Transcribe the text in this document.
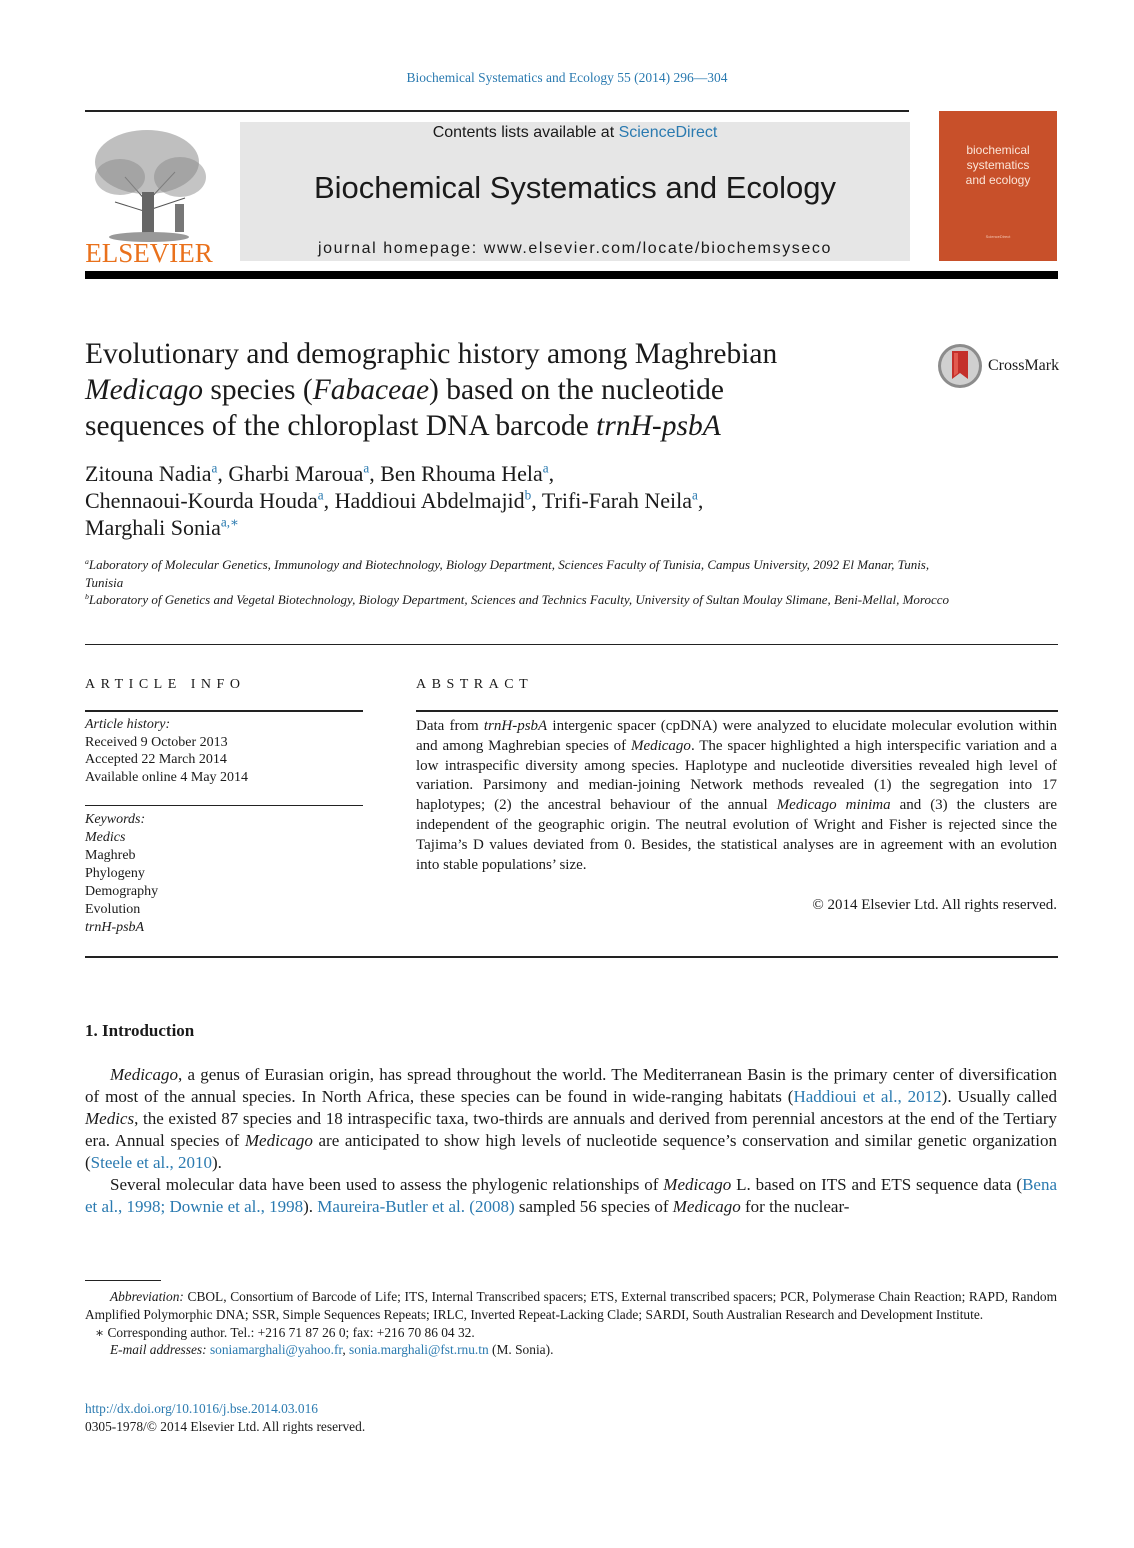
Biochemical Systematics and Ecology 55 (2014) 296—304
ELSEVIER
Contents lists available at ScienceDirect
Biochemical Systematics and Ecology
journal homepage: www.elsevier.com/locate/biochemsyseco
biochemical
systematics
and ecology
ScienceDirect
Evolutionary and demographic history among Maghrebian
Medicago species (Fabaceae) based on the nucleotide
sequences of the chloroplast DNA barcode trnH-psbA
CrossMark
Zitouna Nadia$^a$, Gharbi Maroua$^a$, Ben Rhouma Hela$^a$,
Chennaoui-Kourda Houda$^a$, Haddioui Abdelmajid$^b$, Trifi-Farah Neila$^a$,
Marghali Sonia$^{a,∗}$

$^a$Laboratory of Molecular Genetics, Immunology and Biotechnology, Biology Department, Sciences Faculty of Tunisia, Campus University, 2092 El Manar, Tunis, Tunisia

$^b$Laboratory of Genetics and Vegetal Biotechnology, Biology Department, Sciences and Technics Faculty, University of Sultan Moulay Slimane, Beni-Mellal, Morocco

ARTICLE INFO
Article history:
Received 9 October 2013
Accepted 22 March 2014
Available online 4 May 2014
Keywords:
Medics
Maghreb
Phylogeny
Demography
Evolution
trnH-psbA
ABSTRACT
Data from trnH-psbA intergenic spacer (cpDNA) were analyzed to elucidate molecular evolution within and among Maghrebian species of Medicago. The spacer highlighted a high interspecific variation and a low intraspecific diversity among species. Haplotype and nucleotide diversities revealed high level of variation. Parsimony and median-joining Network methods revealed (1) the segregation into 17 haplotypes; (2) the ancestral behaviour of the annual Medicago minima and (3) the clusters are independent of the geographic origin. The neutral evolution of Wright and Fisher is rejected since the Tajima’s D values deviated from 0. Besides, the statistical analyses are in agreement with an evolution into stable populations’ size.
© 2014 Elsevier Ltd. All rights reserved.
1. Introduction

Medicago, a genus of Eurasian origin, has spread throughout the world. The Mediterranean Basin is the primary center of diversification of most of the annual species. In North Africa, these species can be found in wide-ranging habitats (Haddioui et al., 2012). Usually called Medics, the existed 87 species and 18 intraspecific taxa, two-thirds are annuals and derived from perennial ancestors at the end of the Tertiary era. Annual species of Medicago are anticipated to show high levels of nucleotide sequence’s conservation and similar genetic organization (Steele et al., 2010).

Several molecular data have been used to assess the phylogenic relationships of Medicago L. based on ITS and ETS sequence data (Bena et al., 1998; Downie et al., 1998). Maureira-Butler et al. (2008) sampled 56 species of Medicago for the nuclear-

Abbreviation: CBOL, Consortium of Barcode of Life; ITS, Internal Transcribed spacers; ETS, External transcribed spacers; PCR, Polymerase Chain Reaction; RAPD, Random Amplified Polymorphic DNA; SSR, Simple Sequences Repeats; IRLC, Inverted Repeat-Lacking Clade; SARDI, South Australian Research and Development Institute.

∗ Corresponding author. Tel.: +216 71 87 26 0; fax: +216 70 86 04 32.

E-mail addresses: soniamarghali@yahoo.fr, sonia.marghali@fst.rnu.tn (M. Sonia).

http://dx.doi.org/10.1016/j.bse.2014.03.016
0305-1978/© 2014 Elsevier Ltd. All rights reserved.
